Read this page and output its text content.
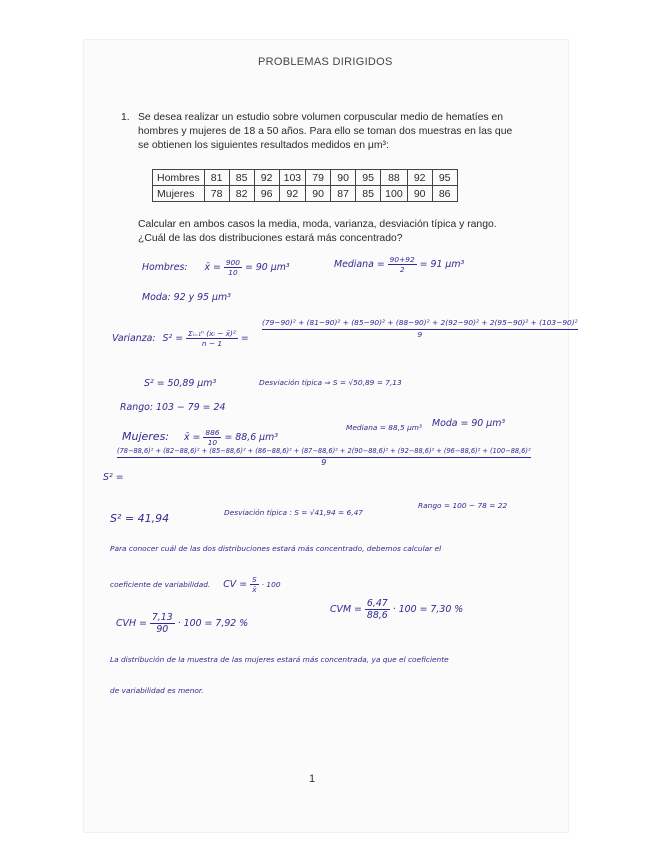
PROBLEMAS DIRIGIDOS
1. Se desea realizar un estudio sobre volumen corpuscular medio de hematíes en
hombres y mujeres de 18 a 50 años. Para ello se toman dos muestras en las que
se obtienen los siguientes resultados medidos en μm³:
Hombres	81	85	92	103	79	90	95	88	92	95
Mujeres	78	82	96	92	90	87	85	100	90	86
Calcular en ambos casos la media, moda, varianza, desviación típica y rango.
¿Cuál de las dos distribuciones estará más concentrado?
Hombres: x̄ = $\frac{900}{10} = 90$ μm³	Mediana = $\frac{90+92}{2} = 91$ μm³
Moda: 92 y 95 μm³
Varianza: $S^2 = \frac{\text{Σᵢ₌₁ⁿ (xᵢ − x̄)²}}{n - 1}$ =
(79−90)² + (81−90)² + (85−90)² + (88−90)² + 2(92−90)² + 2(95−90)² + (103−90)²
9
S² = 50,89 μm³	Desviación típica ⇒ S = √50,89 = 7,13
Rango: 103 − 79 = 24
Mujeres: x̄ = $\frac{886}{10} = 88,6$ μm³
Mediana = 88,5 μm³ Moda = 90 μm³
S² =
(78−88,6)² + (82−88,6)² + (85−88,6)² + (86−88,6)² + (87−88,6)² + 2(90−88,6)² + (92−88,6)² + (96−88,6)² + (100−88,6)²
9
S² = 41,94	Desviación típica : S = √41,94 = 6,47
Rango = 100 − 78 = 22
Para conocer cuál de las dos distribuciones estará más concentrado, debemos calcular el
coeficiente de variabilidad. CV = $\frac{S}{x̄} \cdot 100$
CVH = $\frac{7,13}{90} \cdot 100 = 7,92$ %
CVM = $\frac{6,47}{88,6} \cdot 100 = 7,30$ %
La distribución de la muestra de las mujeres estará más concentrada, ya que el coeficiente
de variabilidad es menor.
1
